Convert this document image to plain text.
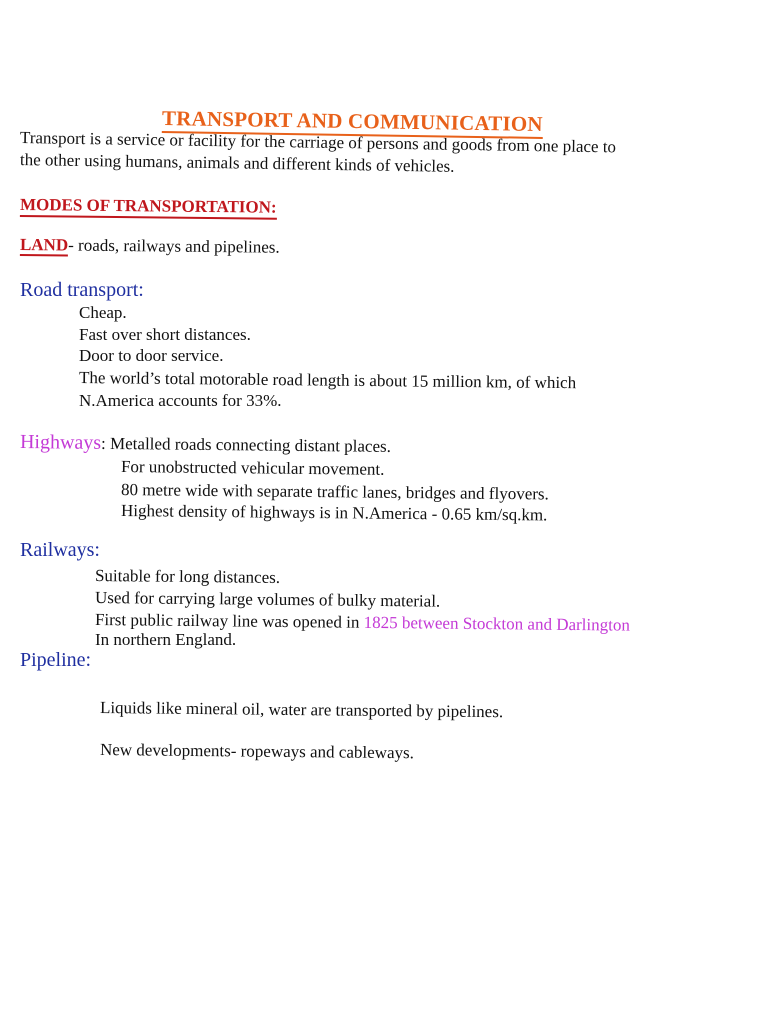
TRANSPORT AND COMMUNICATION
Transport is a service or facility for the carriage of persons and goods from one place to
the other using humans, animals and different kinds of vehicles.
MODES OF TRANSPORTATION:
LAND- roads, railways and pipelines.
Road transport:
Cheap.
Fast over short distances.
Door to door service.
The world’s total motorable road length is about 15 million km, of which
N.America accounts for 33%.
Highways: Metalled roads connecting distant places.
For unobstructed vehicular movement.
80 metre wide with separate traffic lanes, bridges and flyovers.
Highest density of highways is in N.America - 0.65 km/sq.km.
Railways:
Suitable for long distances.
Used for carrying large volumes of bulky material.
First public railway line was opened in 1825 between Stockton and Darlington
In northern England.
Pipeline:
Liquids like mineral oil, water are transported by pipelines.
New developments- ropeways and cableways.
